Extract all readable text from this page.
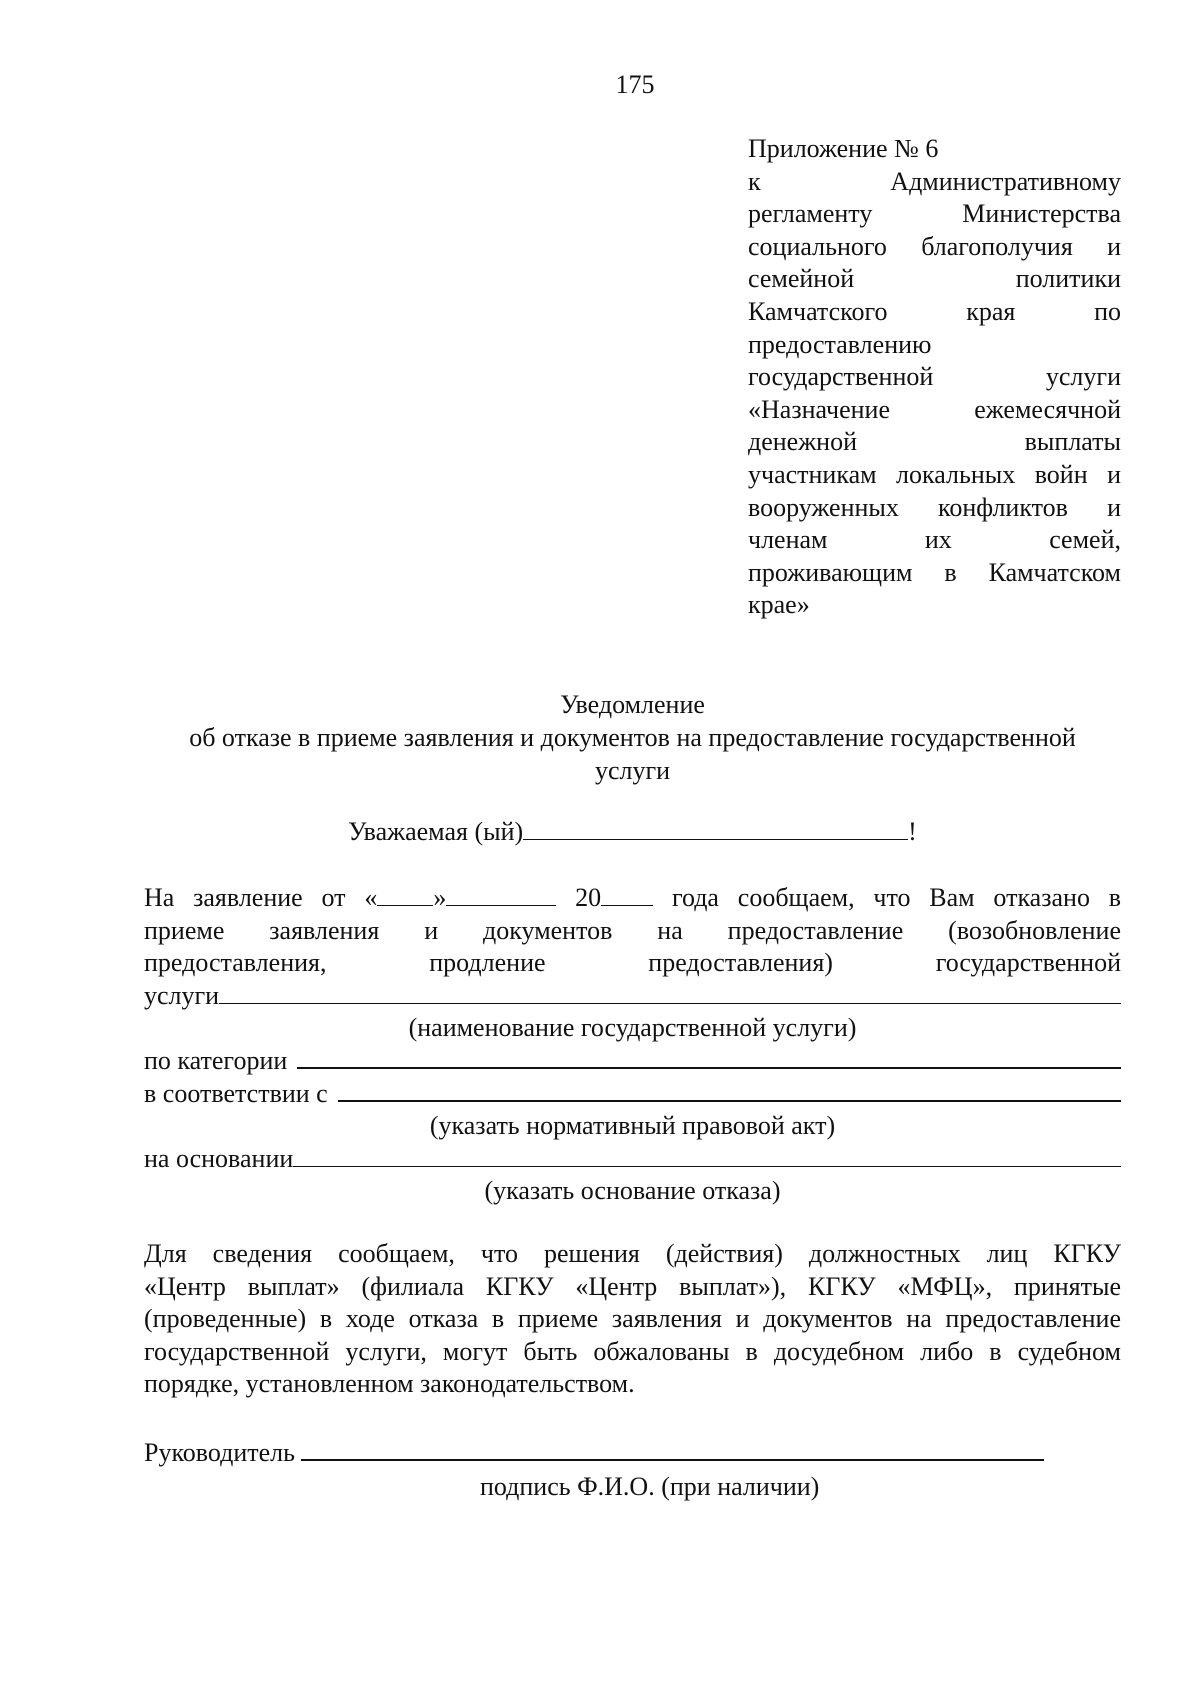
175
Приложение № 6
к Административному
регламенту Министерства
социального благополучия и
семейной политики
Камчатского края по
предоставлению
государственной услуги
«Назначение ежемесячной
денежной выплаты
участникам локальных войн и
вооруженных конфликтов и
членам их семей,
проживающим в Камчатском
крае»
Уведомление
об отказе в приеме заявления и документов на предоставление государственной
услуги
Уважаемая (ый)	!
На заявление от « »	20 года сообщаем, что Вам отказано в
приеме заявления и документов на предоставление (возобновление
предоставления, продление предоставления) государственной
услуги
(наименование государственной услуги)
по категории
в соответствии с
(указать нормативный правовой акт)
на основании
(указать основание отказа)
Для сведения сообщаем, что решения (действия) должностных лиц КГКУ
«Центр выплат» (филиала КГКУ «Центр выплат»), КГКУ «МФЦ», принятые
(проведенные) в ходе отказа в приеме заявления и документов на предоставление
государственной услуги, могут быть обжалованы в досудебном либо в судебном
порядке, установленном законодательством.
Руководитель
подпись Ф.И.О. (при наличии)
